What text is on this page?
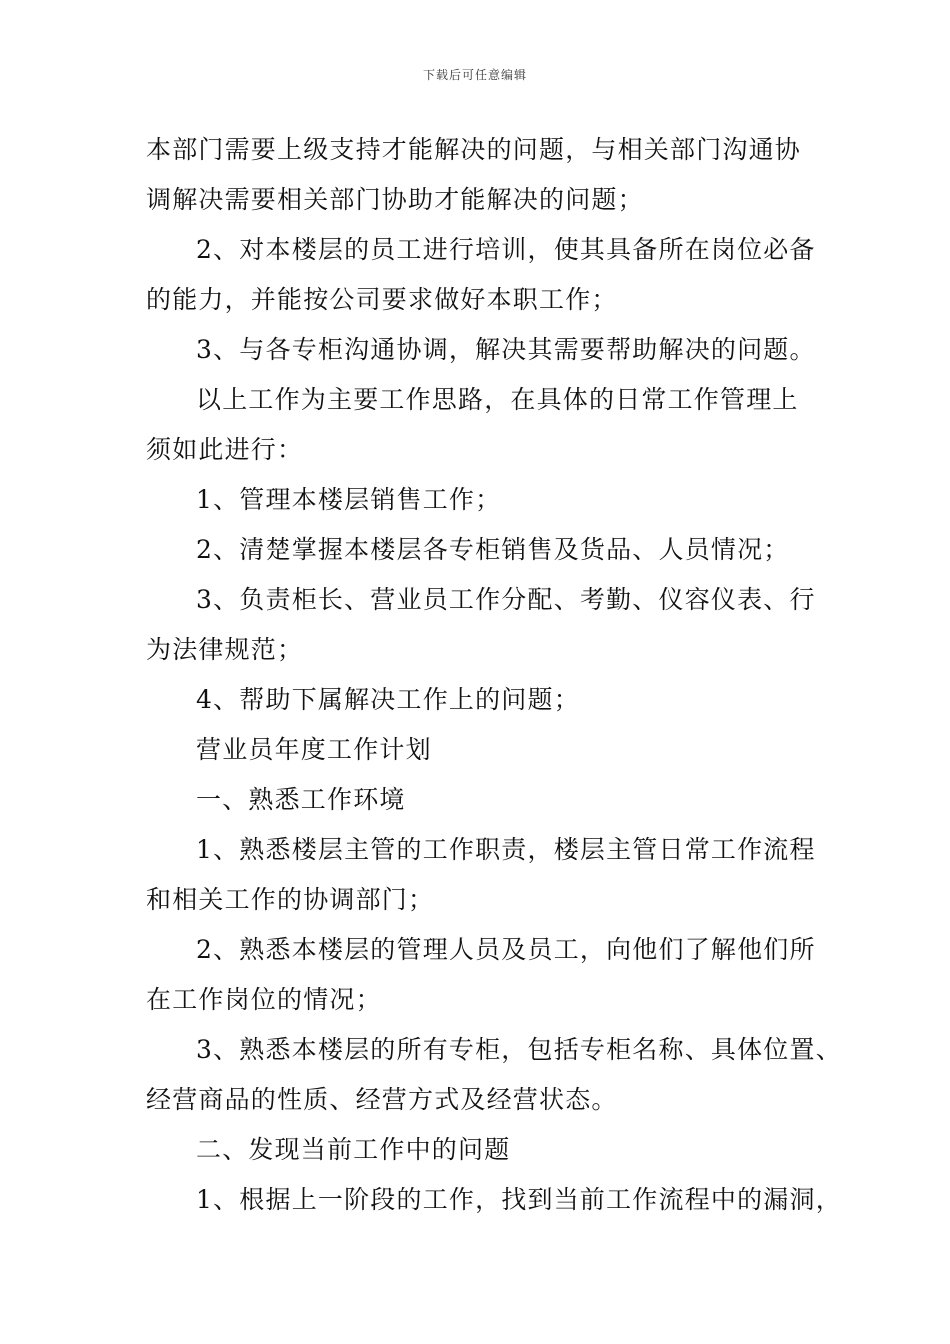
下载后可任意编辑
本部门需要上级支持才能解决的问题，与相关部门沟通协
调解决需要相关部门协助才能解决的问题；
2、对本楼层的员工进行培训，使其具备所在岗位必备
的能力，并能按公司要求做好本职工作；
3、与各专柜沟通协调，解决其需要帮助解决的问题。
以上工作为主要工作思路，在具体的日常工作管理上
须如此进行：
1、管理本楼层销售工作；
2、清楚掌握本楼层各专柜销售及货品、人员情况；
3、负责柜长、营业员工作分配、考勤、仪容仪表、行
为法律规范；
4、帮助下属解决工作上的问题；
营业员年度工作计划
一、熟悉工作环境
1、熟悉楼层主管的工作职责，楼层主管日常工作流程
和相关工作的协调部门；
2、熟悉本楼层的管理人员及员工，向他们了解他们所
在工作岗位的情况；
3、熟悉本楼层的所有专柜，包括专柜名称、具体位置、
经营商品的性质、经营方式及经营状态。
二、发现当前工作中的问题
1、根据上一阶段的工作，找到当前工作流程中的漏洞，
